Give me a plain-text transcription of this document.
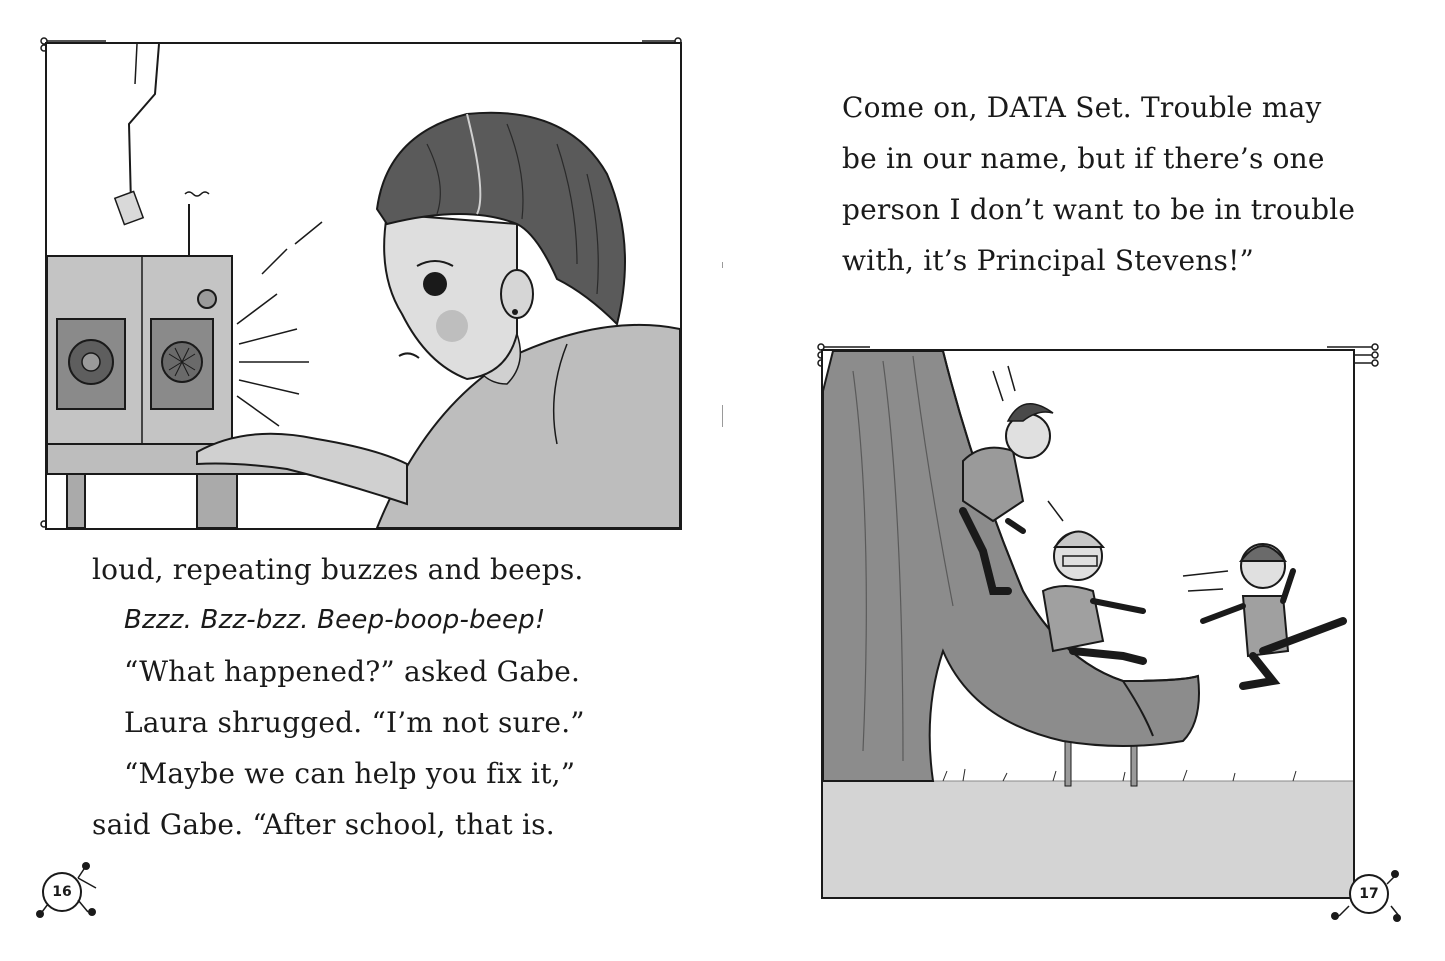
loud, repeating buzzes and beeps.
Bzzz. Bzz-bzz. Beep-boop-beep!
“What happened?” asked Gabe.
Laura shrugged. “I’m not sure.”
“Maybe we can help you fix it,”
said Gabe. “After school, that is.
16
Come on, DATA Set. Trouble may
be in our name, but if there’s one
person I don’t want to be in trouble
with, it’s Principal Stevens!”
17
